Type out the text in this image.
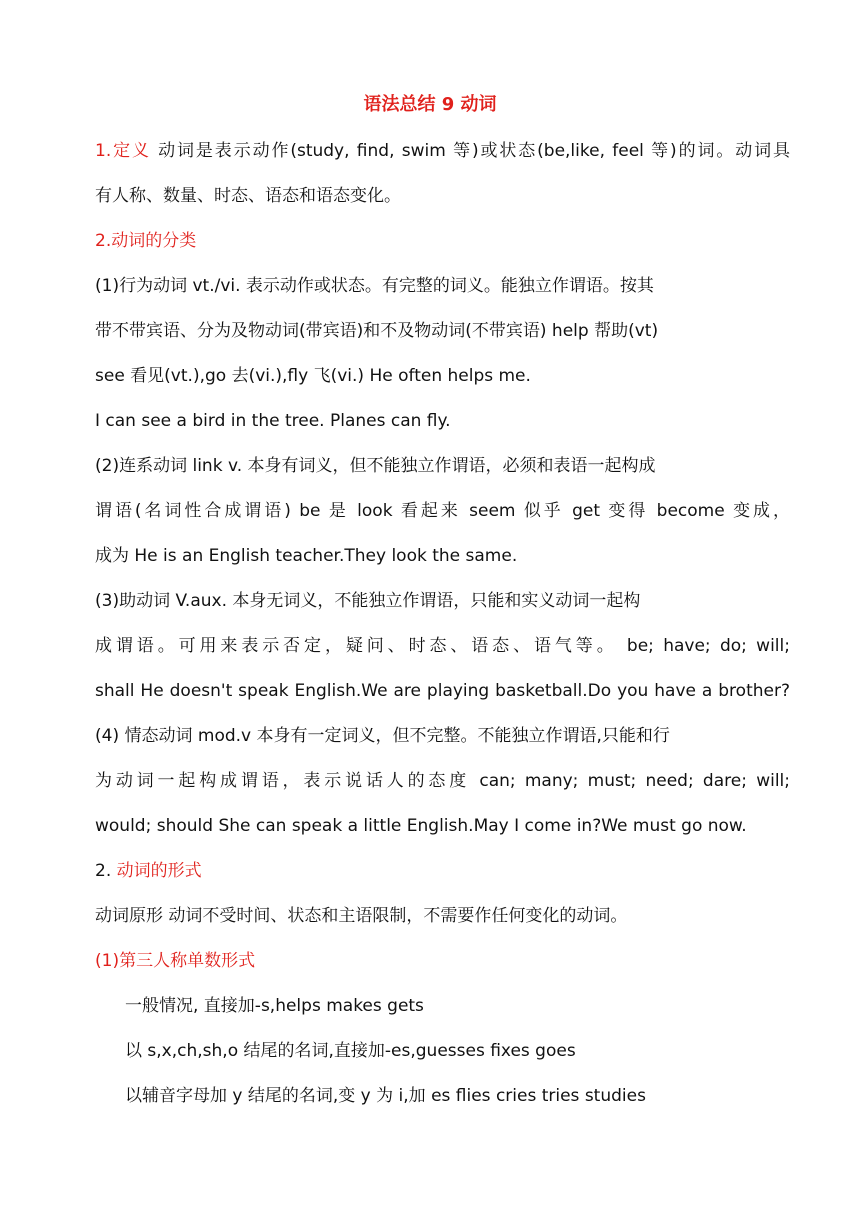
语法总结 9 动词
1.定义 动词是表示动作(study, find, swim 等)或状态(be,like, feel 等)的词。动词具
有人称、数量、时态、语态和语态变化。
2.动词的分类
(1)行为动词 vt./vi. 表示动作或状态。有完整的词义。能独立作谓语。按其
带不带宾语、分为及物动词(带宾语)和不及物动词(不带宾语) help 帮助(vt)
see 看见(vt.),go 去(vi.),fly 飞(vi.) He often helps me.
I can see a bird in the tree. Planes can fly.
(2)连系动词 link v. 本身有词义，但不能独立作谓语，必须和表语一起构成
谓语(名词性合成谓语) be 是 look 看起来 seem 似乎 get 变得 become 变成，
成为 He is an English teacher.They look the same.
(3)助动词 V.aux. 本身无词义，不能独立作谓语，只能和实义动词一起构
成谓语。可用来表示否定，疑问、时态、语态、语气等。 be; have; do; will;
shall He doesn't speak English.We are playing basketball.Do you have a brother?
(4) 情态动词 mod.v 本身有一定词义，但不完整。不能独立作谓语,只能和行
为动词一起构成谓语，表示说话人的态度 can; many; must; need; dare; will;
would; should She can speak a little English.May I come in?We must go now.
2. 动词的形式
动词原形 动词不受时间、状态和主语限制，不需要作任何变化的动词。
(1)第三人称单数形式
一般情况, 直接加-s,helps makes gets
以 s,x,ch,sh,o 结尾的名词,直接加-es,guesses fixes goes
以辅音字母加 y 结尾的名词,变 y 为 i,加 es flies cries tries studies
